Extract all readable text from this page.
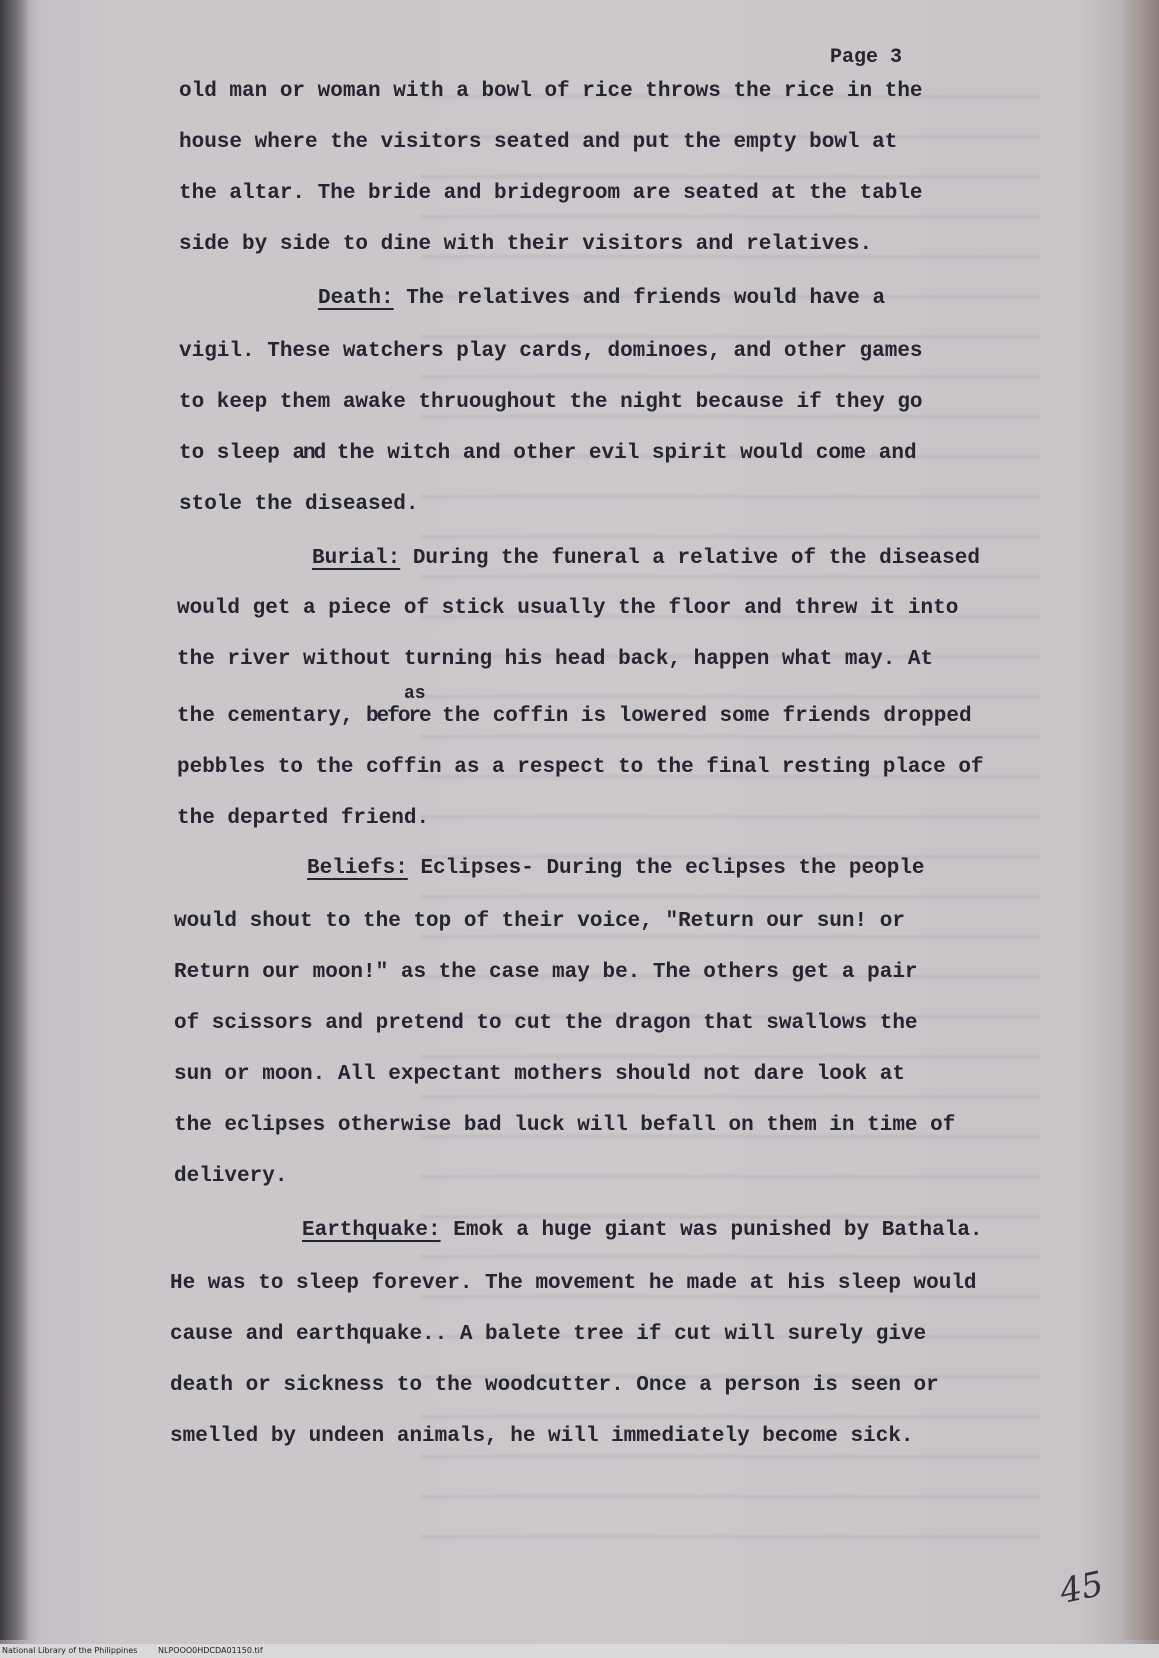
Page 3
old man or woman with a bowl of rice throws the rice in the
house where the visitors seated and put the empty bowl at
the altar. The bride and bridegroom are seated at the table
side by side to dine with their visitors and relatives.
Death: The relatives and friends would have a
vigil. These watchers play cards, dominoes, and other games
to keep them awake thruoughout the night because if they go
to sleep and the witch and other evil spirit would come and
stole the diseased.
Burial: During the funeral a relative of the diseased
would get a piece of stick usually the floor and threw it into
the river without turning his head back, happen what may. At
as
the cementary, before the coffin is lowered some friends dropped
pebbles to the coffin as a respect to the final resting place of
the departed friend.
Beliefs: Eclipses- During the eclipses the people
would shout to the top of their voice, "Return our sun! or
Return our moon!" as the case may be. The others get a pair
of scissors and pretend to cut the dragon that swallows the
sun or moon. All expectant mothers should not dare look at
the eclipses otherwise bad luck will befall on them in time of
delivery.
Earthquake: Emok a huge giant was punished by Bathala.
He was to sleep forever. The movement he made at his sleep would
cause and earthquake.. A balete tree if cut will surely give
death or sickness to the woodcutter. Once a person is seen or
smelled by undeen animals, he will immediately become sick.
45
National Library of the Philippines	NLPOOO0HDCDA01150.tif
